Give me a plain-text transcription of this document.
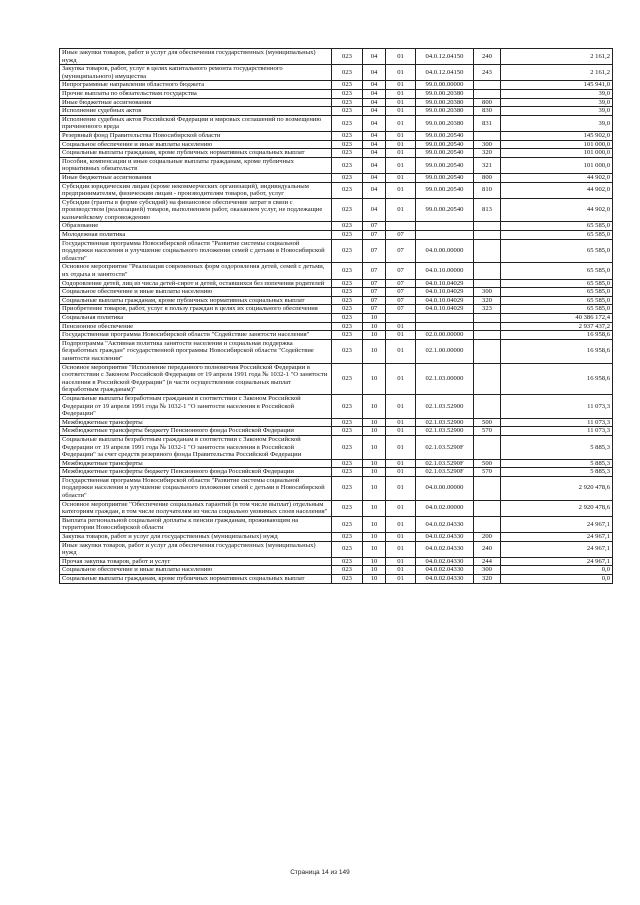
Иные закупки товаров, работ и услуг для обеспечения государственных (муниципальных) нужд	023	04	01	04.0.12.04150	240	2 161,2
Закупка товаров, работ, услуг в целях капитального ремонта государственного (муниципального) имущества	023	04	01	04.0.12.04150	243	2 161,2
Непрограммные направления областного бюджета	023	04	01	99.0.00.00000		145 941,0
Прочие выплаты по обязательствам государства	023	04	01	99.0.00.20380		39,0
Иные бюджетные ассигнования	023	04	01	99.0.00.20380	800	39,0
Исполнение судебных актов	023	04	01	99.0.00.20380	830	39,0
Исполнение судебных актов Российской Федерации и мировых соглашений по возмещению причиненного вреда	023	04	01	99.0.00.20380	831	39,0
Резервный фонд Правительства Новосибирской области	023	04	01	99.0.00.20540		145 902,0
Социальное обеспечение и иные выплаты населению	023	04	01	99.0.00.20540	300	101 000,0
Социальные выплаты гражданам, кроме публичных нормативных социальных выплат	023	04	01	99.0.00.20540	320	101 000,0
Пособия, компенсации и иные социальные выплаты гражданам, кроме публичных нормативных обязательств	023	04	01	99.0.00.20540	321	101 000,0
Иные бюджетные ассигнования	023	04	01	99.0.00.20540	800	44 902,0
Субсидии юридическим лицам (кроме некоммерческих организаций), индивидуальным предпринимателям, физическим лицам - производителям товаров, работ, услуг	023	04	01	99.0.00.20540	810	44 902,0
Субсидии (гранты в форме субсидий) на финансовое обеспечение затрат в связи с производством (реализацией) товаров, выполнением работ, оказанием услуг, не подлежащие казначейскому сопровождению	023	04	01	99.0.00.20540	813	44 902,0
Образование	023	07				65 585,0
Молодежная политика	023	07	07			65 585,0
Государственная программа Новосибирской области "Развитие системы социальной поддержки населения и улучшение социального положения семей с детьми в Новосибирской области"	023	07	07	04.0.00.00000		65 585,0
Основное мероприятие "Реализация современных форм оздоровления детей, семей с детьми, их отдыха и занятости"	023	07	07	04.0.10.00000		65 585,0
Оздоровление детей, лиц из числа детей-сирот и детей, оставшихся без попечения родителей	023	07	07	04.0.10.04029		65 585,0
Социальное обеспечение и иные выплаты населению	023	07	07	04.0.10.04029	300	65 585,0
Социальные выплаты гражданам, кроме публичных нормативных социальных выплат	023	07	07	04.0.10.04029	320	65 585,0
Приобретение товаров, работ, услуг в пользу граждан в целях их социального обеспечения	023	07	07	04.0.10.04029	323	65 585,0
Социальная политика	023	10				40 386 172,4
Пенсионное обеспечение	023	10	01			2 937 437,2
Государственная программа Новосибирской области "Содействие занятости населения"	023	10	01	02.0.00.00000		16 958,6
Подпрограмма "Активная политика занятости населения и социальная поддержка безработных граждан" государственной программы Новосибирской области "Содействие занятости населения"	023	10	01	02.1.00.00000		16 958,6
Основное мероприятие "Исполнение переданного полномочия Российской Федерации в соответствии с Законом Российской Федерации от 19 апреля 1991 года № 1032-1 "О занятости населения в Российской Федерации" (в части осуществления социальных выплат безработным гражданам)"	023	10	01	02.1.03.00000		16 958,6
Социальные выплаты безработным гражданам в соответствии с Законом Российской Федерации от 19 апреля 1991 года № 1032-1 "О занятости населения в Российской Федерации"	023	10	01	02.1.03.52900		11 073,3
Межбюджетные трансферты	023	10	01	02.1.03.52900	500	11 073,3
Межбюджетные трансферты бюджету Пенсионного фонда Российской Федерации	023	10	01	02.1.03.52900	570	11 073,3
Социальные выплаты безработным гражданам в соответствии с Законом Российской Федерации от 19 апреля 1991 года № 1032-1 "О занятости населения в Российской Федерации" за счет средств резервного фонда Правительства Российской Федерации	023	10	01	02.1.03.5290F		5 885,3
Межбюджетные трансферты	023	10	01	02.1.03.5290F	500	5 885,3
Межбюджетные трансферты бюджету Пенсионного фонда Российской Федерации	023	10	01	02.1.03.5290F	570	5 885,3
Государственная программа Новосибирской области "Развитие системы социальной поддержки населения и улучшение социального положения семей с детьми в Новосибирской области"	023	10	01	04.0.00.00000		2 920 478,6
Основное мероприятие "Обеспечение социальных гарантий (в том числе выплат) отдельным категориям граждан, в том числе получателям из числа социально уязвимых слоев населения"	023	10	01	04.0.02.00000		2 920 478,6
Выплата региональной социальной доплаты к пенсии гражданам, проживающим на территории Новосибирской области	023	10	01	04.0.02.04330		24 967,1
Закупка товаров, работ и услуг для государственных (муниципальных) нужд	023	10	01	04.0.02.04330	200	24 967,1
Иные закупки товаров, работ и услуг для обеспечения государственных (муниципальных) нужд	023	10	01	04.0.02.04330	240	24 967,1
Прочая закупка товаров, работ и услуг	023	10	01	04.0.02.04330	244	24 967,1
Социальное обеспечение и иные выплаты населению	023	10	01	04.0.02.04330	300	0,0
Социальные выплаты гражданам, кроме публичных нормативных социальных выплат	023	10	01	04.0.02.04330	320	0,0
Страница 14 из 149
